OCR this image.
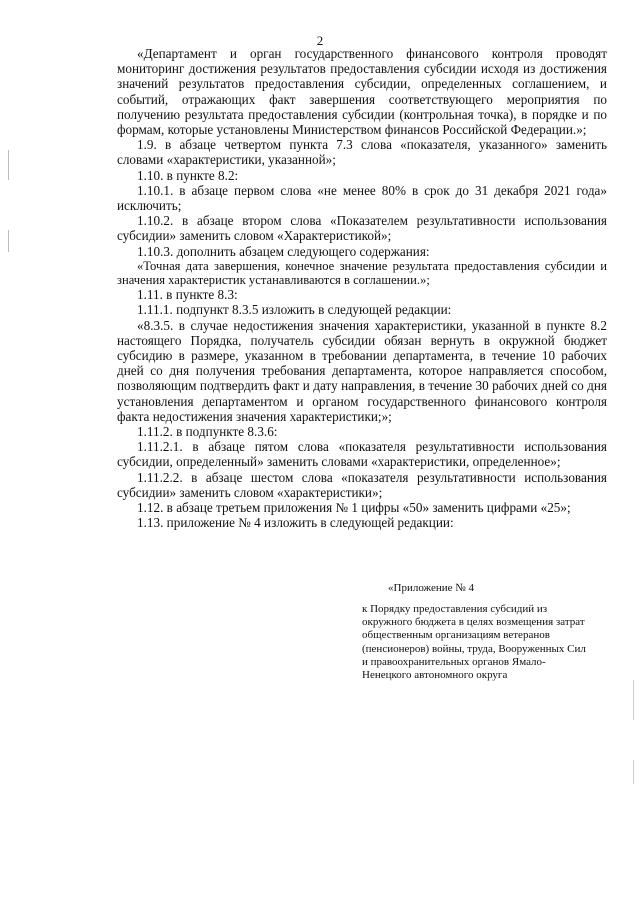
2

«Департамент и орган государственного финансового контроля проводят мониторинг достижения результатов предоставления субсидии исходя из достижения значений результатов предоставления субсидии, определенных соглашением, и событий, отражающих факт завершения соответствующего мероприятия по получению результата предоставления субсидии (контрольная точка), в порядке и по формам, которые установлены Министерством финансов Российской Федерации.»;

1.9. в абзаце четвертом пункта 7.3 слова «показателя, указанного» заменить словами «характеристики, указанной»;

1.10. в пункте 8.2:

1.10.1. в абзаце первом слова «не менее 80% в срок до 31 декабря 2021 года» исключить;

1.10.2. в абзаце втором слова «Показателем результативности использования субсидии» заменить словом «Характеристикой»;

1.10.3. дополнить абзацем следующего содержания:

«Точная дата завершения, конечное значение результата предоставления субсидии и значения характеристик устанавливаются в соглашении.»;

1.11. в пункте 8.3:

1.11.1. подпункт 8.3.5 изложить в следующей редакции:

«8.3.5. в случае недостижения значения характеристики, указанной в пункте 8.2 настоящего Порядка, получатель субсидии обязан вернуть в окружной бюджет субсидию в размере, указанном в требовании департамента, в течение 10 рабочих дней со дня получения требования департамента, которое направляется способом, позволяющим подтвердить факт и дату направления, в течение 30 рабочих дней со дня установления департаментом и органом государственного финансового контроля факта недостижения значения характеристики;»;

1.11.2. в подпункте 8.3.6:

1.11.2.1. в абзаце пятом слова «показателя результативности использования субсидии, определенный» заменить словами «характеристики, определенное»;

1.11.2.2. в абзаце шестом слова «показателя результативности использования субсидии» заменить словом «характеристики»;

1.12. в абзаце третьем приложения № 1 цифры «50» заменить цифрами «25»;

1.13. приложение № 4 изложить в следующей редакции:

«Приложение № 4
к Порядку предоставления субсидий из окружного бюджета в целях возмещения затрат общественным организациям ветеранов (пенсионеров) войны, труда, Вооруженных Сил и правоохранительных органов Ямало-Ненецкого автономного округа
